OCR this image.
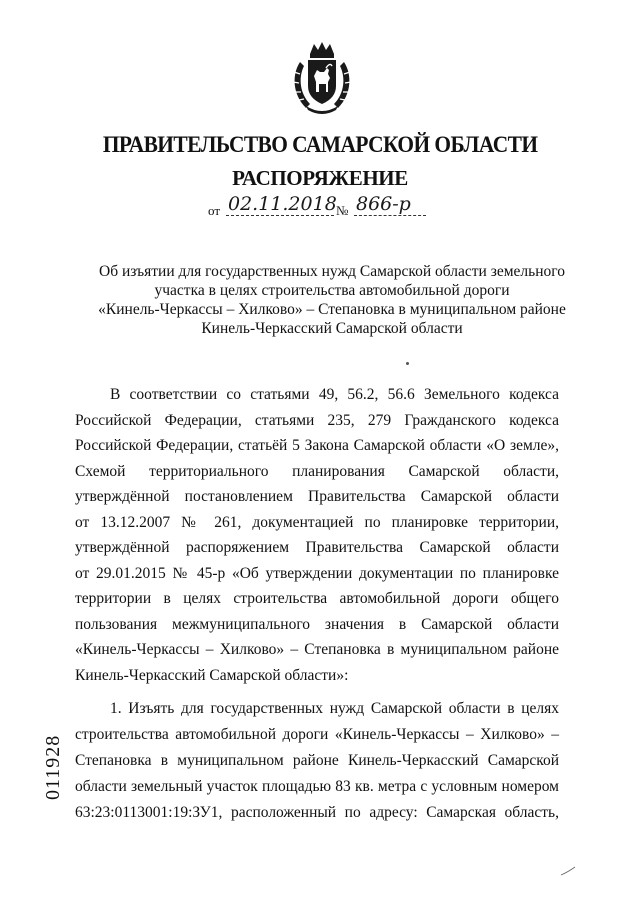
ПРАВИТЕЛЬСТВО САМАРСКОЙ ОБЛАСТИ
РАСПОРЯЖЕНИЕ
от 02.11.2018 № 866-р
Об изъятии для государственных нужд Самарской области земельного
участка в целях строительства автомобильной дороги
«Кинель-Черкассы – Хилково» – Степановка в муниципальном районе
Кинель-Черкасский Самарской области
В соответствии со статьями 49, 56.2, 56.6 Земельного кодекса
Российской Федерации, статьями 235, 279 Гражданского кодекса
Российской Федерации, статьёй 5 Закона Самарской области «О земле»,
Схемой территориального планирования Самарской области,
утверждённой постановлением Правительства Самарской области
от 13.12.2007 № 261, документацией по планировке территории,
утверждённой распоряжением Правительства Самарской области
от 29.01.2015 № 45-р «Об утверждении документации по планировке
территории в целях строительства автомобильной дороги общего
пользования межмуниципального значения в Самарской области
«Кинель-Черкассы – Хилково» – Степановка в муниципальном районе
Кинель-Черкасский Самарской области»:
1. Изъять для государственных нужд Самарской области в целях
строительства автомобильной дороги «Кинель-Черкассы – Хилково» –
Степановка в муниципальном районе Кинель-Черкасский Самарской
области земельный участок площадью 83 кв. метра с условным номером
63:23:0113001:19:ЗУ1, расположенный по адресу: Самарская область,
011928
